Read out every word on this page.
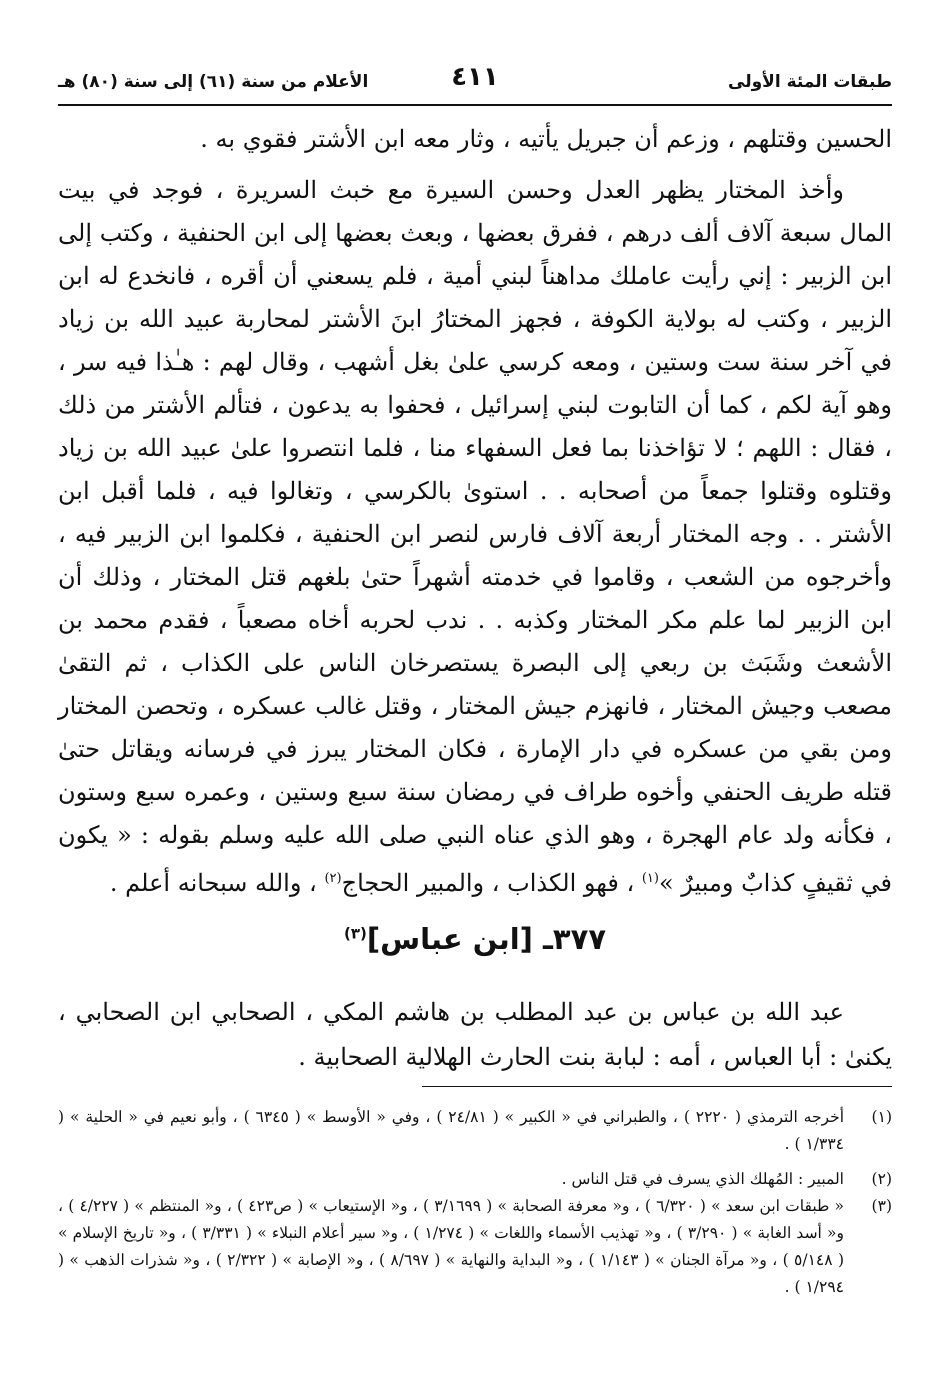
طبقات المئة الأولى
٤١١
الأعلام من سنة (٦١) إلى سنة (٨٠) هـ

الحسين وقتلهم ، وزعم أن جبريل يأتيه ، وثار معه ابن الأشتر فقوي به .

وأخذ المختار يظهر العدل وحسن السيرة مع خبث السريرة ، فوجد في بيت المال سبعة آلاف ألف درهم ، ففرق بعضها ، وبعث بعضها إلى ابن الحنفية ، وكتب إلى ابن الزبير : إني رأيت عاملك مداهناً لبني أمية ، فلم يسعني أن أقره ، فانخدع له ابن الزبير ، وكتب له بولاية الكوفة ، فجهز المختارُ ابنَ الأشتر لمحاربة عبيد الله بن زياد في آخر سنة ست وستين ، ومعه كرسي علىٰ بغل أشهب ، وقال لهم : هـٰذا فيه سر ، وهو آية لكم ، كما أن التابوت لبني إسرائيل ، فحفوا به يدعون ، فتألم الأشتر من ذلك ، فقال : اللهم ؛ لا تؤاخذنا بما فعل السفهاء منا ، فلما انتصروا علىٰ عبيد الله بن زياد وقتلوه وقتلوا جمعاً من أصحابه . . استوىٰ بالكرسي ، وتغالوا فيه ، فلما أقبل ابن الأشتر . . وجه المختار أربعة آلاف فارس لنصر ابن الحنفية ، فكلموا ابن الزبير فيه ، وأخرجوه من الشعب ، وقاموا في خدمته أشهراً حتىٰ بلغهم قتل المختار ، وذلك أن ابن الزبير لما علم مكر المختار وكذبه . . ندب لحربه أخاه مصعباً ، فقدم محمد بن الأشعث وشَبَث بن ربعي إلى البصرة يستصرخان الناس على الكذاب ، ثم التقىٰ مصعب وجيش المختار ، فانهزم جيش المختار ، وقتل غالب عسكره ، وتحصن المختار ومن بقي من عسكره في دار الإمارة ، فكان المختار يبرز في فرسانه ويقاتل حتىٰ قتله طريف الحنفي وأخوه طراف في رمضان سنة سبع وستين ، وعمره سبع وستون ، فكأنه ولد عام الهجرة ، وهو الذي عناه النبي صلى الله عليه وسلم بقوله : « يكون في ثقيفٍ كذابٌ ومبيرٌ »$^{(١)}$ ، فهو الكذاب ، والمبير الحجاج$^{(٢)}$ ، والله سبحانه أعلم .

٣٧٧ـ [ابن عباس]$^{(٣)}$

عبد الله بن عباس بن عبد المطلب بن هاشم المكي ، الصحابي ابن الصحابي ، يكنىٰ : أبا العباس ، أمه : لبابة بنت الحارث الهلالية الصحابية .

(١)
أخرجه الترمذي ( ٢٢٢٠ ) ، والطبراني في « الكبير » ( ٢٤/٨١ ) ، وفي « الأوسط » ( ٦٣٤٥ ) ، وأبو نعيم في « الحلية » ( ١/٣٣٤ ) .

(٢)
المبير : المُهلك الذي يسرف في قتل الناس .

(٣)
« طبقات ابن سعد » ( ٦/٣٢٠ ) ، و« معرفة الصحابة » ( ٣/١٦٩٩ ) ، و« الإستيعاب » ( ص٤٢٣ ) ، و« المنتظم » ( ٤/٢٢٧ ) ، و« أسد الغابة » ( ٣/٢٩٠ ) ، و« تهذيب الأسماء واللغات » ( ١/٢٧٤ ) ، و« سير أعلام النبلاء » ( ٣/٣٣١ ) ، و« تاريخ الإسلام » ( ٥/١٤٨ ) ، و« مرآة الجنان » ( ١/١٤٣ ) ، و« البداية والنهاية » ( ٨/٦٩٧ ) ، و« الإصابة » ( ٢/٣٢٢ ) ، و« شذرات الذهب » ( ١/٢٩٤ ) .
